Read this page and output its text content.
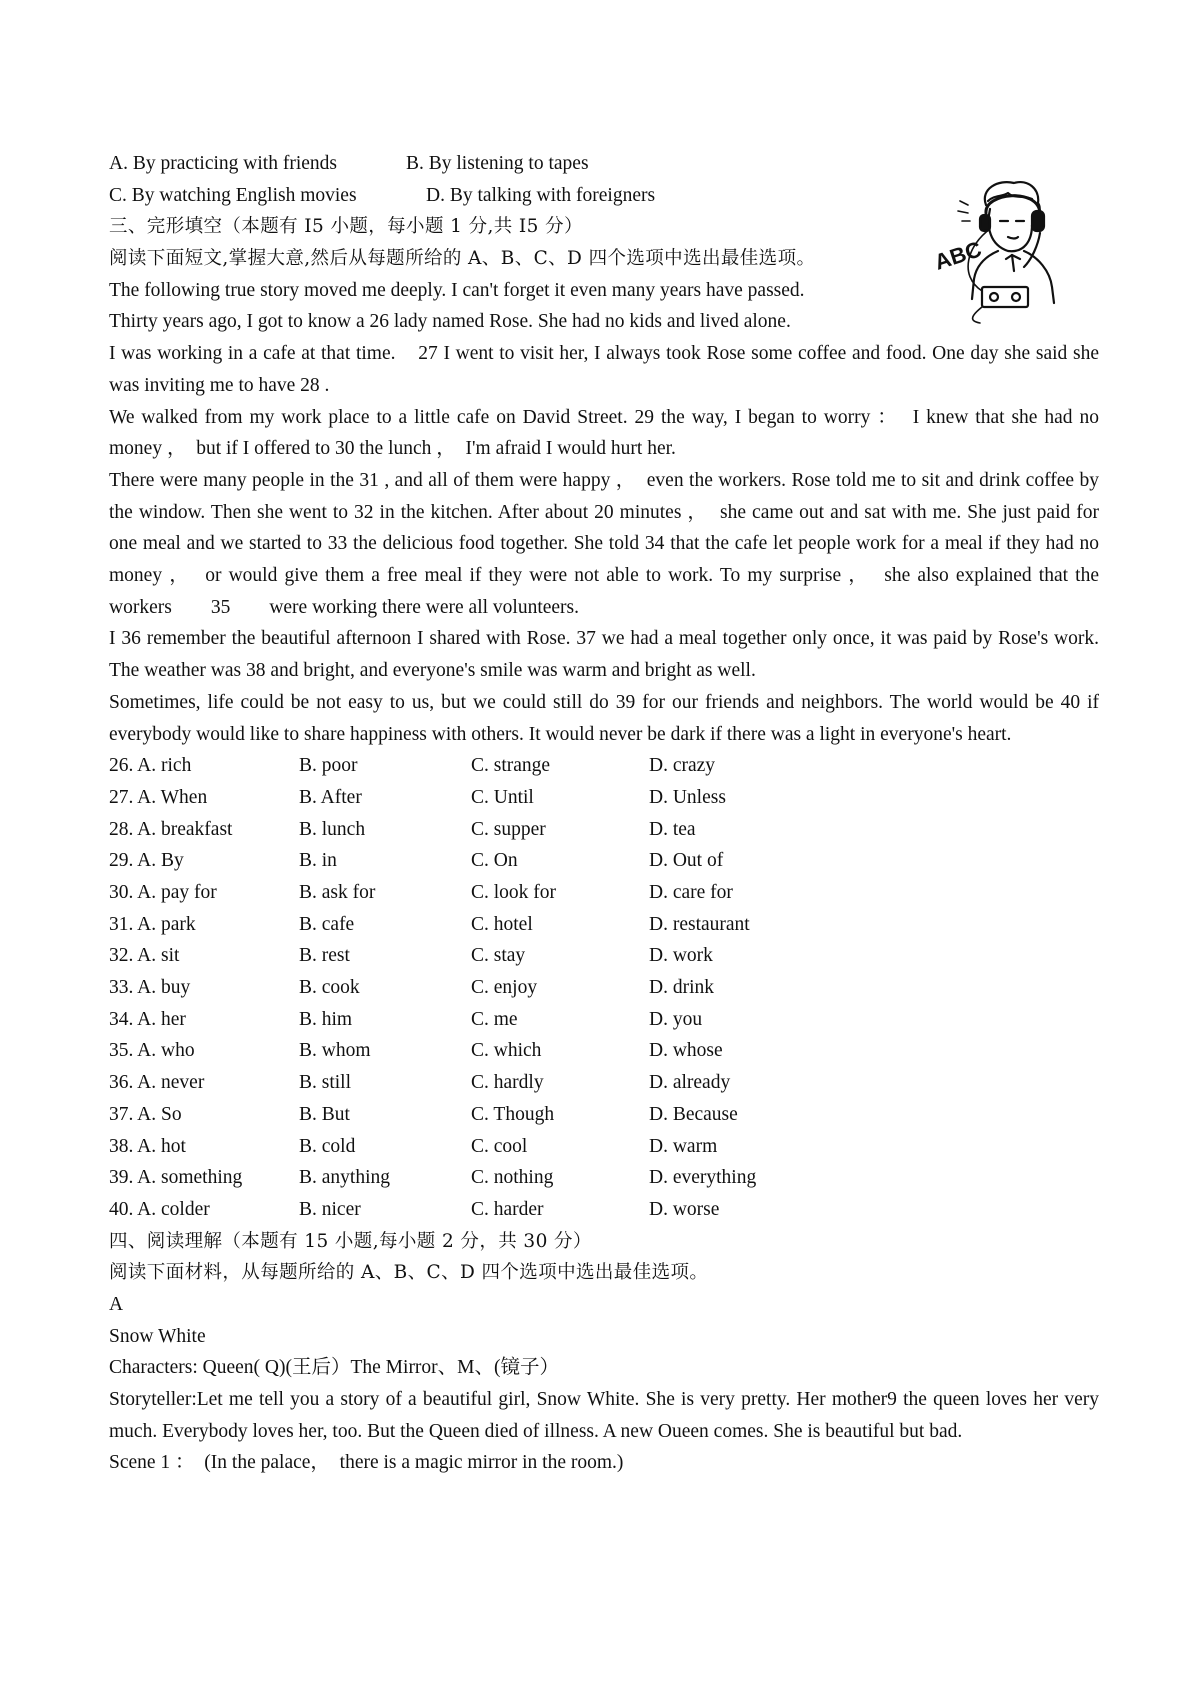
ABC
A. By practicing with friends	B. By listening to tapes
C. By watching English movies	D. By talking with foreigners
三、完形填空（本题有 I5 小题，每小题 1 分,共 I5 分）
阅读下面短文,掌握大意,然后从每题所给的 A、B、C、D 四个选项中选出最佳选项。
The following true story moved me deeply. I can't forget it even many years have passed.
Thirty years ago, I got to know a 26 lady named Rose. She had no kids and lived alone.
I was working in a cafe at that time.    27 I went to visit her, I always took Rose some coffee and food. One day she said she was inviting me to have 28 .
We walked from my work place to a little cafe on David Street. 29 the way, I began to worry ：  I knew that she had no money ，  but if I offered to 30 the lunch ，  I'm afraid I would hurt her.
There were many people in the 31 , and all of them were happy ，  even the workers. Rose told me to sit and drink coffee by the window. Then she went to 32 in the kitchen. After about 20 minutes ，  she came out and sat with me. She just paid for one meal and we started to 33 the delicious food together. She told 34 that the cafe let people work for a meal if they had no money ，  or would give them a free meal if they were not able to work. To my surprise ，  she also explained that the workers        35        were working there were all volunteers.
I 36 remember the beautiful afternoon I shared with Rose. 37 we had a meal together only once, it was paid by Rose's work. The weather was 38 and bright, and everyone's smile was warm and bright as well.
Sometimes, life could be not easy to us, but we could still do 39 for our friends and neighbors. The world would be 40 if everybody would like to share happiness with others. It would never be dark if there was a light in everyone's heart.
26. A. rich	B. poor	C. strange	D. crazy
27. A. When	B. After	C. Until	D. Unless
28. A. breakfast	B. lunch	C. supper	D. tea
29. A. By	B. in	C. On	D. Out of
30. A. pay for	B. ask for	C. look for	D. care for
31. A. park	B. cafe	C. hotel	D. restaurant
32. A. sit	B. rest	C. stay	D. work
33. A. buy	B. cook	C. enjoy	D. drink
34. A. her	B. him	C. me	D. you
35. A. who	B. whom	C. which	D. whose
36. A. never	B. still	C. hardly	D. already
37. A. So	B. But	C. Though	D. Because
38. A. hot	B. cold	C. cool	D. warm
39. A. something	B. anything	C. nothing	D. everything
40. A. colder	B. nicer	C. harder	D. worse
四、阅读理解（本题有 15 小题,每小题 2 分，共 30 分）
阅读下面材料，从每题所给的 A、B、C、D 四个选项中选出最佳选项。
A
Snow White
Characters: Queen( Q)(王后）The Mirror、M、(镜子）
Storyteller:Let me tell you a story of a beautiful girl, Snow White. She is very pretty. Her mother9 the queen loves her very much. Everybody loves her, too. But the Queen died of illness. A new Oueen comes. She is beautiful but bad.
Scene 1 ：  (In the palace，  there is a magic mirror in the room.)
